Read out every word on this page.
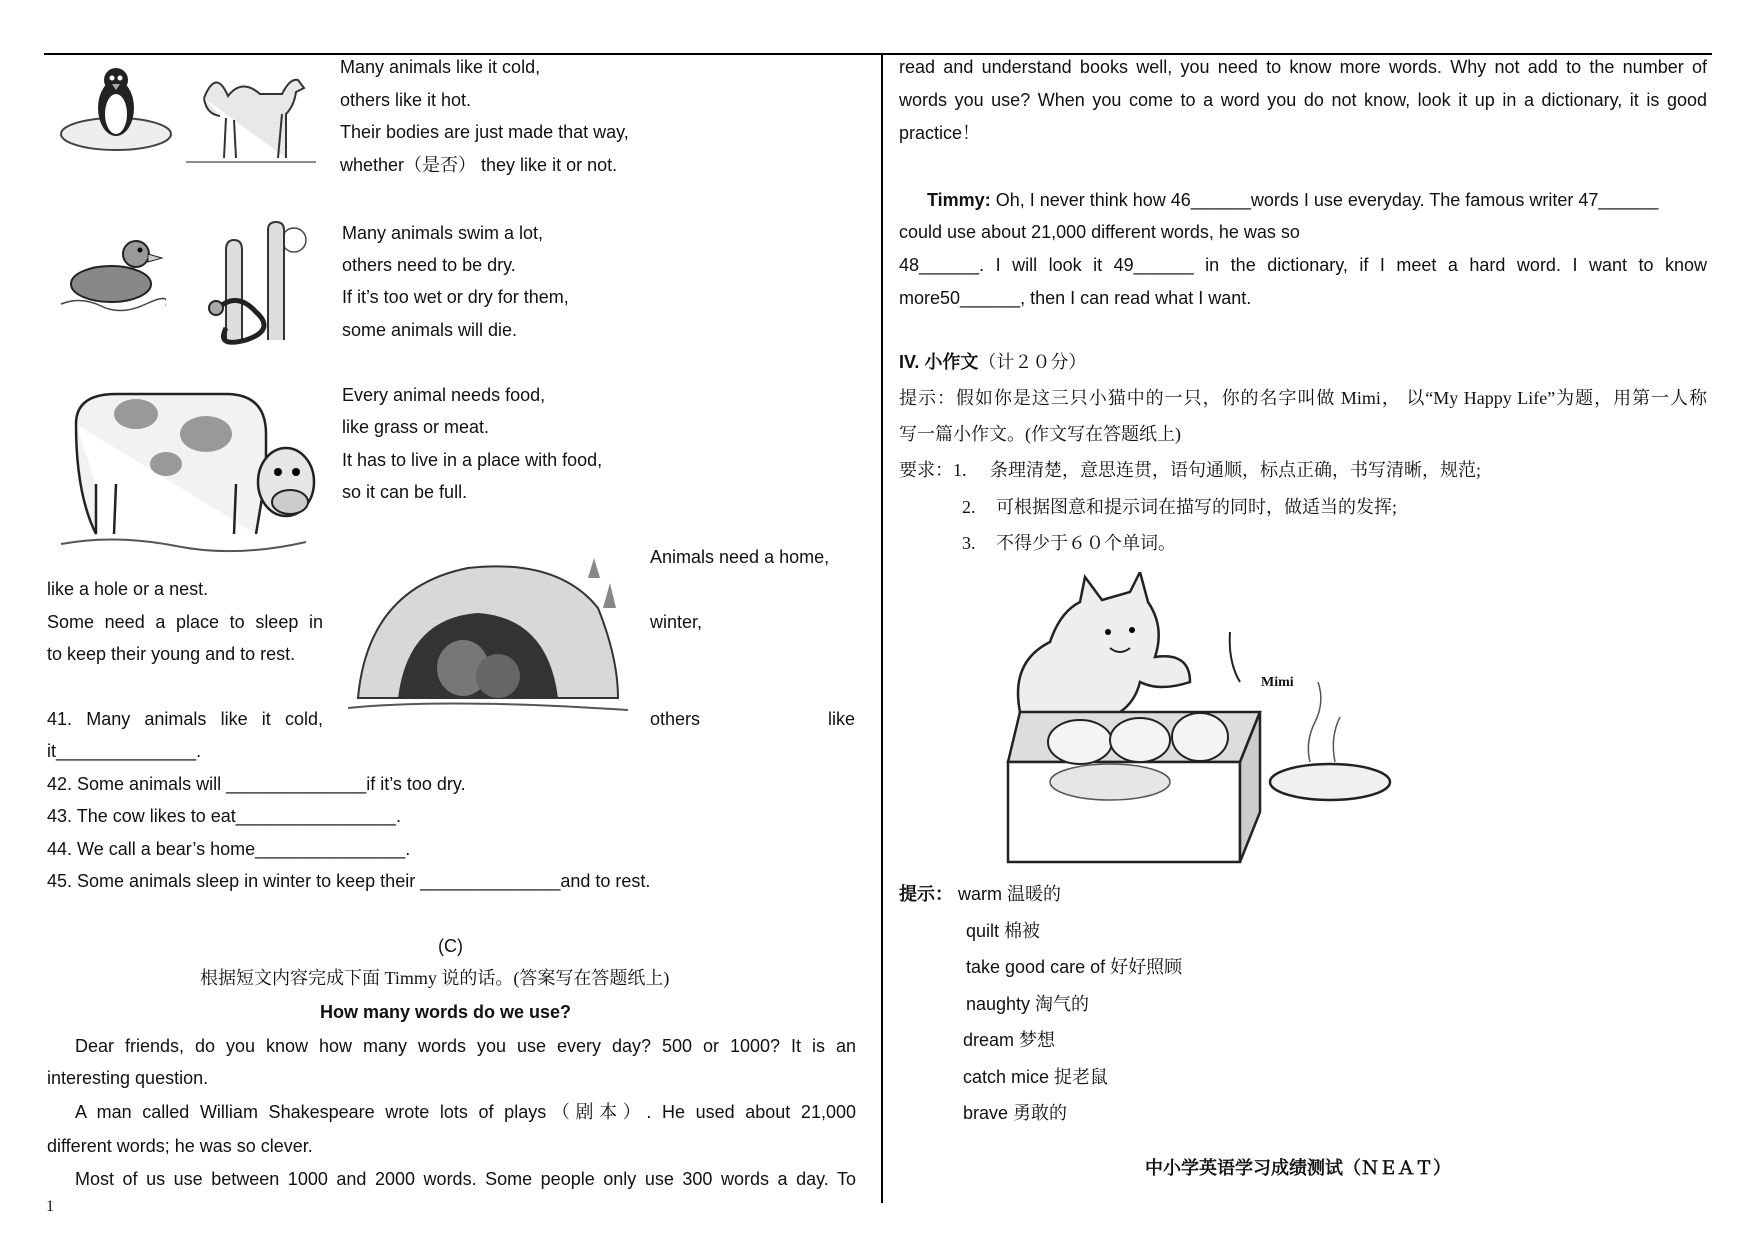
Many animals like it cold,
others like it hot.
Their bodies are just made that way,
whether（是否） they like it or not.
Many animals swim a lot,
others need to be dry.
If it’s too wet or dry for them,
some animals will die.
Every animal needs food,
like grass or meat.
It has to live in a place with food,
so it can be full.
Animals need a home,
like a hole or a nest.
Some need a place to sleep in	winter,
to keep their young and to rest.
41. Many animals like it cold,	others	like
it______________.
42. Some animals will ______________if it’s too dry.
43. The cow likes to eat________________.
44. We call a bear’s home_______________.
45. Some animals sleep in winter to keep their ______________and to rest.
(C)
根据短文内容完成下面 Timmy 说的话。(答案写在答题纸上)
How many words do we use?
Dear friends, do you know how many words you use every day? 500 or 1000? It is an
interesting question.
A man called William Shakespeare wrote lots of plays（剧本）. He used about 21,000
different words; he was so clever.
Most of us use between 1000 and 2000 words. Some people only use 300 words a day. To
1
read and understand books well, you need to know more words. Why not add to the number of
words you use? When you come to a word you do not know, look it up in a dictionary, it is good
practice！
Timmy: Oh, I never think how 46______words I use everyday. The famous writer 47______
could use about 21,000 different words, he was so
48______. I will look it 49______ in the dictionary, if I meet a hard word. I want to know
more50______, then I can read what I want.
IV. 小作文（计２０分）
提示：假如你是这三只小猫中的一只，你的名字叫做 Mimi， 以“My Happy Life”为题，用第一人称
写一篇小作文。(作文写在答题纸上)
要求：1. 条理清楚，意思连贯，语句通顺，标点正确，书写清晰，规范;
2. 可根据图意和提示词在描写的同时，做适当的发挥;
3. 不得少于６０个单词。
Mimi
提示： warm 温暖的
quilt 棉被
take good care of 好好照顾
naughty 淘气的
dream 梦想
catch mice 捉老鼠
brave 勇敢的
中小学英语学习成绩测试（ＮＥＡＴ）
